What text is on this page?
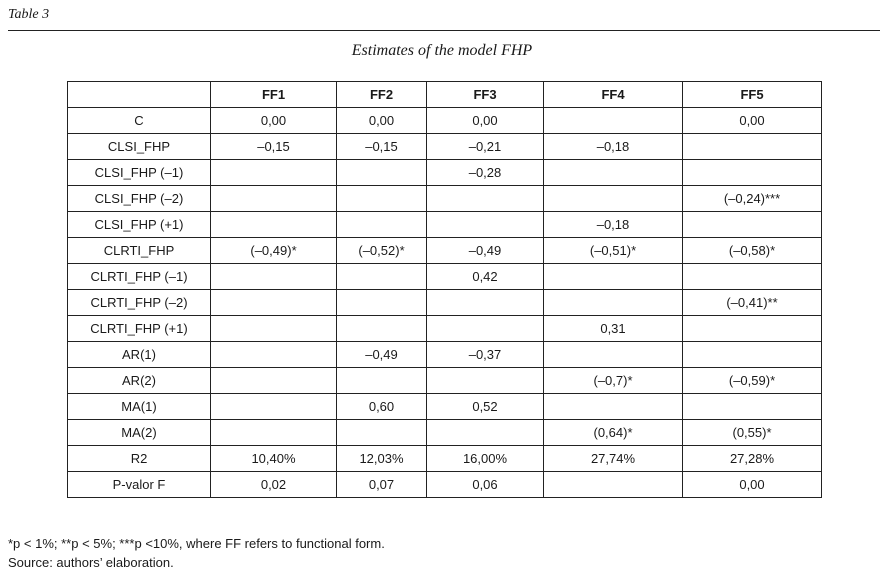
Table 3
Estimates of the model FHP
	FF1	FF2	FF3	FF4	FF5
C	0,00	0,00	0,00		0,00
CLSI_FHP	–0,15	–0,15	–0,21	–0,18	
CLSI_FHP (–1)			–0,28		
CLSI_FHP (–2)					(–0,24)***
CLSI_FHP (+1)				–0,18	
CLRTI_FHP	(–0,49)*	(–0,52)*	–0,49	(–0,51)*	(–0,58)*
CLRTI_FHP (–1)			0,42		
CLRTI_FHP (–2)					(–0,41)**
CLRTI_FHP (+1)				0,31	
AR(1)		–0,49	–0,37		
AR(2)				(–0,7)*	(–0,59)*
MA(1)		0,60	0,52		
MA(2)				(0,64)*	(0,55)*
R2	10,40%	12,03%	16,00%	27,74%	27,28%
P-valor F	0,02	0,07	0,06		0,00
*p < 1%; **p < 5%; ***p <10%, where FF refers to functional form.
Source: authors’ elaboration.
